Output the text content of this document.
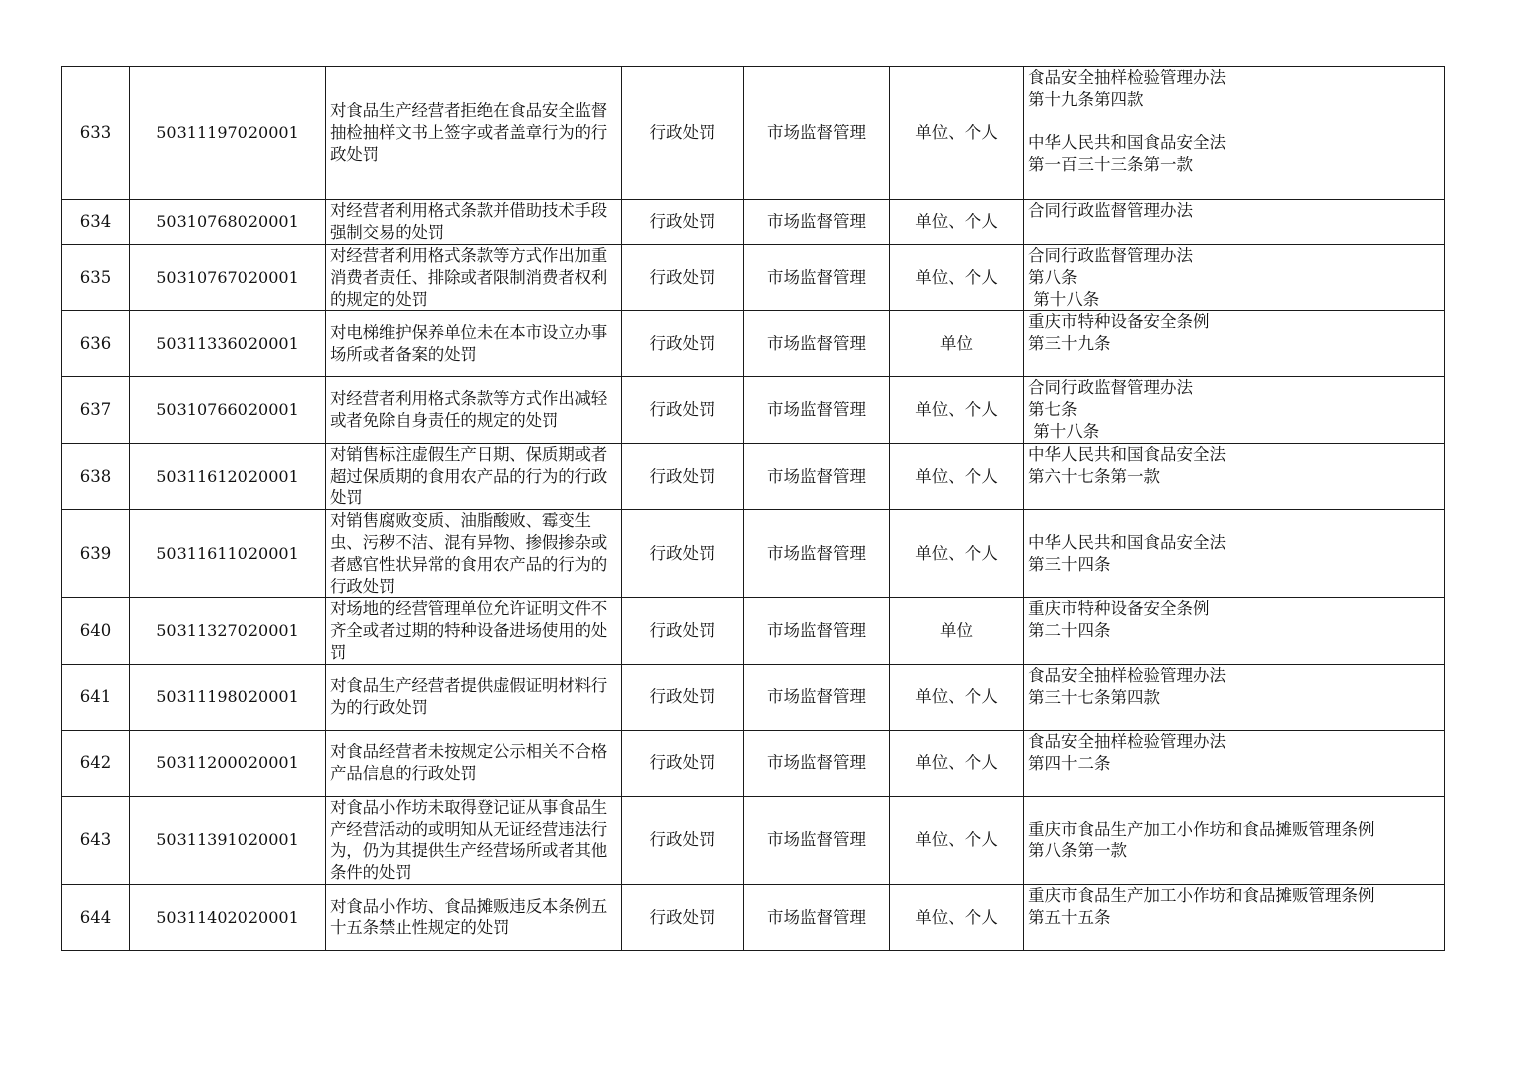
633	50311197020001	对食品生产经营者拒绝在食品安全监督抽检抽样文书上签字或者盖章行为的行政处罚	行政处罚	市场监督管理	单位、个人	食品安全抽样检验管理办法
第十九条第四款

中华人民共和国食品安全法
第一百三十三条第一款
634	50310768020001	对经营者利用格式条款并借助技术手段强制交易的处罚	行政处罚	市场监督管理	单位、个人	合同行政监督管理办法
635	50310767020001	对经营者利用格式条款等方式作出加重消费者责任、排除或者限制消费者权利的规定的处罚	行政处罚	市场监督管理	单位、个人	合同行政监督管理办法
第八条
第十八条
636	50311336020001	对电梯维护保养单位未在本市设立办事场所或者备案的处罚	行政处罚	市场监督管理	单位	重庆市特种设备安全条例
第三十九条
637	50310766020001	对经营者利用格式条款等方式作出减轻或者免除自身责任的规定的处罚	行政处罚	市场监督管理	单位、个人	合同行政监督管理办法
第七条
第十八条
638	50311612020001	对销售标注虚假生产日期、保质期或者超过保质期的食用农产品的行为的行政处罚	行政处罚	市场监督管理	单位、个人	中华人民共和国食品安全法
第六十七条第一款
639	50311611020001	对销售腐败变质、油脂酸败、霉变生虫、污秽不洁、混有异物、掺假掺杂或者感官性状异常的食用农产品的行为的行政处罚	行政处罚	市场监督管理	单位、个人	中华人民共和国食品安全法
第三十四条
640	50311327020001	对场地的经营管理单位允许证明文件不齐全或者过期的特种设备进场使用的处罚	行政处罚	市场监督管理	单位	重庆市特种设备安全条例
第二十四条
641	50311198020001	对食品生产经营者提供虚假证明材料行为的行政处罚	行政处罚	市场监督管理	单位、个人	食品安全抽样检验管理办法
第三十七条第四款
642	50311200020001	对食品经营者未按规定公示相关不合格产品信息的行政处罚	行政处罚	市场监督管理	单位、个人	食品安全抽样检验管理办法
第四十二条
643	50311391020001	对食品小作坊未取得登记证从事食品生产经营活动的或明知从无证经营违法行为，仍为其提供生产经营场所或者其他条件的处罚	行政处罚	市场监督管理	单位、个人	重庆市食品生产加工小作坊和食品摊贩管理条例
第八条第一款
644	50311402020001	对食品小作坊、食品摊贩违反本条例五十五条禁止性规定的处罚	行政处罚	市场监督管理	单位、个人	重庆市食品生产加工小作坊和食品摊贩管理条例
第五十五条
